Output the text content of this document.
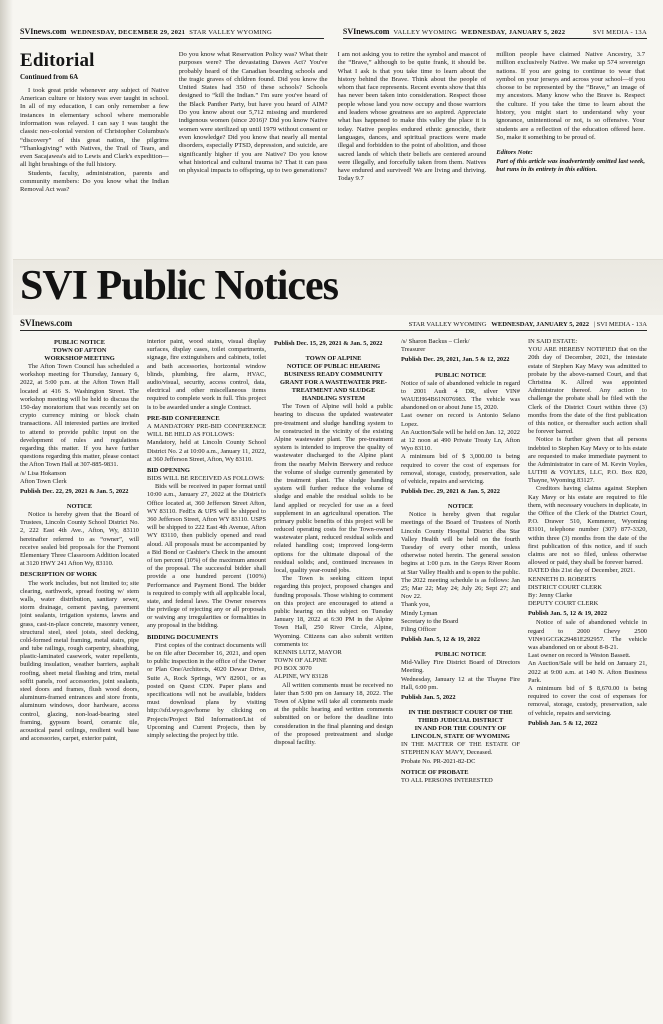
SVInews.com WEDNESDAY, DECEMBER 29, 2021 STAR VALLEY WYOMING	SVInews.com VALLEY WYOMING WEDNESDAY, JANUARY 5, 2022	SVI MEDIA - 13A
Editorial
Continued from 6A
I took great pride whenever any subject of Native American culture or history was ever taught in school. In all of my education, I can only remember a few instances in elementary school where memorable information was relayed. I can say I was taught the classic neo-colonial version of Christopher Columbus's “discovery” of this great nation, the pilgrims “Thanksgiving” with Natives, the Trail of Tears, and even Sacajawea's aid to Lewis and Clark's expedition—all light brushings of the full history.
Students, faculty, administration, parents and community members: Do you know what the Indian Removal Act was?
Do you know what Reservation Policy was? What their purposes were? The devastating Dawes Act? You've probably heard of the Canadian boarding schools and the tragic graves of children found. Did you know the United States had 350 of these schools? Schools designed to “kill the Indian.” I'm sure you've heard of the Black Panther Party, but have you heard of AIM? Do you know about our 5,712 missing and murdered indigenous women (since 2016)? Did you know Native women were sterilized up until 1979 without consent or even knowledge? Did you know that nearly all mental disorders, especially PTSD, depression, and suicide, are significantly higher if you are Native? Do you know what historical and cultural trauma is? That it can pass on physical impacts to offspring, up to two generations?
I am not asking you to retire the symbol and mascot of the “Brave,” although to be quite frank, it should be. What I ask is that you take time to learn about the history behind the Brave. Think about the people of whom that face represents. Recent events show that this has never been taken into consideration. Respect those people whose land you now occupy and those warriors and leaders whose greatness are so aspired. Appreciate what has happened to make this valley the place it is today. Native peoples endured ethnic genocide, their languages, dances, and spiritual practices were made illegal and forbidden to the point of abolition, and those sacred lands of which their beliefs are centered around were illegally, and forcefully taken from them. Natives have endured and survived! We are living and thriving. Today 9.7
million people have claimed Native Ancestry, 3.7 million exclusively Native. We make up 574 sovereign nations. If you are going to continue to wear that symbol on your jerseys and across your school—if you choose to be represented by the “Brave,” an image of my ancestors. Many know who the Brave is. Respect the culture. If you take the time to learn about the history, you might start to understand why your ignorance, unintentional or not, is so offensive. Your students are a reflection of the education offered here. So, make it something to be proud of.
Editors Note:
Part of this article was inadvertently omitted last week, but runs in its entirety in this edition.
SVI Public Notices
SVInews.com	STAR VALLEY WYOMING WEDNESDAY, JANUARY 5, 2022 | SVI MEDIA - 13A
PUBLIC NOTICE
TOWN OF AFTON
WORKSHOP MEETING
The Afton Town Council has scheduled a workshop meeting for Thursday, January 6, 2022, at 5:00 p.m. at the Afton Town Hall located at 416 S. Washington Street. The workshop meeting will be held to discuss the 150-day moratorium that was recently set on crypto currency mining or block chain transactions. All interested parties are invited to attend to provide public input on the development of rules and regulations regarding this matter. If you have further questions regarding this matter, please contact the Afton Town Hall at 307-885-9831.
/s/ Lisa Hokanson
Afton Town Clerk
Publish Dec. 22, 29, 2021 & Jan. 5, 2022
NOTICE
Notice is hereby given that the Board of Trustees, Lincoln County School District No. 2, 222 East 4th Ave., Afton, Wy, 83110 hereinafter referred to as “owner”, will receive sealed bid proposals for the Fremont Elementary Three Classroom Addition located at 3120 HWY 241 Afton Wy, 83110.
DESCRIPTION OF WORK
The work includes, but not limited to; site clearing, earthwork, spread footing w/ stem walls, water distribution, sanitary sewer, storm drainage, cement paving, pavement joint sealants, irrigation systems, lawns and grass, cast-in-place concrete, masonry veneer, structural steel, steel joists, steel decking, cold-formed metal framing, metal stairs, pipe and tube railings, rough carpentry, sheathing, plastic-laminated casework, water repellents, building insulation, weather barriers, asphalt roofing, sheet metal flashing and trim, metal soffit panels, roof accessories, joint sealants, steel doors and frames, flush wood doors, aluminum-framed entrances and store fronts, aluminum windows, door hardware, access control, glazing, non-load-bearing steel framing, gypsum board, ceramic tile, acoustical panel ceilings, resilient wall base and accessories, carpet, exterior paint,
interior paint, wood stains, visual display surfaces, display cases, toilet compartments, signage, fire extinguishers and cabinets, toilet and bath accessories, horizontal window blinds, plumbing, fire alarm, HVAC, audio/visual, security, access control, data, electrical and other miscellaneous items required to complete work in full. This project is to be awarded under a single Contract.
PRE-BID CONFERENCE
A MANDATORY PRE-BID CONFERENCE WILL BE HELD AS FOLLOWS:
Mandatory, held at Lincoln County School District No. 2 at 10:00 a.m., January 11, 2022, at 360 Jefferson Street, Afton, Wy 83110.
BID OPENING
BIDS WILL BE RECEIVED AS FOLLOWS:
Bids will be received in paper format until 10:00 a.m., January 27, 2022 at the District's Office located at, 360 Jefferson Street Afton, WY 83110. FedEx & UPS will be shipped to 360 Jefferson Street, Afton WY 83110. USPS will be shipped to 222 East 4th Avenue, Afton WY 83110, then publicly opened and read aloud. All proposals must be accompanied by a Bid Bond or Cashier's Check in the amount of ten percent (10%) of the maximum amount of the proposal. The successful bidder shall provide a one hundred percent (100%) Performance and Payment Bond. The bidder is required to comply with all applicable local, state, and federal laws. The Owner reserves the privilege of rejecting any or all proposals or waiving any irregularities or formalities in any proposal in the bidding.
BIDDING DOCUMENTS
First copies of the contract documents will be on file after December 16, 2021, and open to public inspection in the office of the Owner or Plan One/Architects, 4020 Dewar Drive, Suite A, Rock Springs, WY 82901, or as posted on Quest CDN. Paper plans and specifications will not be available, bidders must download plans by visiting http://sfd.wyo.gov/home by clicking on Projects/Project Bid Information/List of Upcoming and Current Projects, then by simply selecting the project by title.
Publish Dec. 15, 29, 2021 & Jan. 5, 2022
TOWN OF ALPINE
NOTICE OF PUBLIC HEARING
BUSINESS READY COMMUNITY GRANT FOR A WASTEWATER PRE-TREATMENT AND SLUDGE HANDLING SYSTEM
The Town of Alpine will hold a public hearing to discuss the updated wastewater pre-treatment and sludge handling system to be constructed in the vicinity of the existing Alpine wastewater plant. The pre-treatment system is intended to improve the quality of wastewater discharged to the Alpine plant from the nearby Melvin Brewery and reduce the volume of sludge currently generated by the treatment plant. The sludge handling system will further reduce the volume of sludge and enable the residual solids to be land applied or recycled for use as a feed supplement in an agricultural operation. The primary public benefits of this project will be reduced operating costs for the Town-owned wastewater plant, reduced residual solids and related handling cost; improved long-term options for the ultimate disposal of the residual solids; and, continued increases in local, quality year-round jobs.
The Town is seeking citizen input regarding this project, proposed changes and funding proposals. Those wishing to comment on this project are encouraged to attend a public hearing on this subject on Tuesday January 18, 2022 at 6:30 PM in the Alpine Town Hall, 250 River Circle, Alpine, Wyoming. Citizens can also submit written comments to:
KENNIS LUTZ, MAYOR
TOWN OF ALPINE
PO BOX 3070
ALPINE, WY 83128
All written comments must be received no later than 5:00 pm on January 18, 2022. The Town of Alpine will take all comments made at the public hearing and written comments submitted on or before the deadline into consideration in the final planning and design of the proposed pretreatment and sludge disposal facility.
/s/ Sharon Backus – Clerk/
Treasurer
Publish Dec. 29, 2021, Jan. 5 & 12, 2022
PUBLIC NOTICE
Notice of sale of abandoned vehicle in regard to 2001 Audi 4 DR, silver VIN# WAUEH64B61N076983. The vehicle was abandoned on or about June 15, 2020.
Last owner on record is Antonio Selano Lopez.
An Auction/Sale will be held on Jan. 12, 2022 at 12 noon at 490 Private Treaty Ln, Afton Wyo 83110.
A minimum bid of $ 3,000.00 is being required to cover the cost of expenses for removal, storage, custody, preservation, sale of vehicle, repairs and servicing.
Publish Dec. 29, 2021 & Jan. 5, 2022
NOTICE
Notice is hereby given that regular meetings of the Board of Trustees of North Lincoln County Hospital District dba Star Valley Health will be held on the fourth Tuesday of every other month, unless otherwise noted herein. The general session begins at 1:00 p.m. in the Greys River Room at Star Valley Health and is open to the public. The 2022 meeting schedule is as follows: Jan 25; Mar 22; May 24; July 26; Sept 27; and Nov 22.
Thank you,
Mindy Lyman
Secretary to the Board
Filing Officer
Publish Jan. 5, 12 & 19, 2022
PUBLIC NOTICE
Mid-Valley Fire District Board of Directors Meeting.
Wednesday, January 12 at the Thayne Fire Hall, 6:00 pm.
Publish Jan. 5, 2022
IN THE DISTRICT COURT OF THE THIRD JUDICIAL DISTRICT
IN AND FOR THE COUNTY OF LINCOLN, STATE OF WYOMING
IN THE MATTER OF THE ESTATE OF STEPHEN KAY MAVY, Deceased.
Probate No. PR-2021-82-DC
NOTICE OF PROBATE
TO ALL PERSONS INTERESTED
IN SAID ESTATE:
YOU ARE HEREBY NOTIFIED that on the 20th day of December, 2021, the intestate estate of Stephen Kay Mavy was admitted to probate by the above-named Court, and that Christina K. Allred was appointed Administrator thereof. Any action to challenge the probate shall be filed with the Clerk of the District Court within three (3) months from the date of the first publication of this notice, or thereafter such action shall be forever barred.
Notice is further given that all persons indebted to Stephen Kay Mavy or to his estate are requested to make immediate payment to the Administrator in care of M. Kevin Voyles, LUTHI & VOYLES, LLC, P.O. Box 820, Thayne, Wyoming 83127.
Creditors having claims against Stephen Kay Mavy or his estate are required to file them, with necessary vouchers in duplicate, in the Office of the Clerk of the District Court, P.O. Drawer 510, Kemmerer, Wyoming 83101, telephone number (307) 877-3320, within three (3) months from the date of the first publication of this notice, and if such claims are not so filed, unless otherwise allowed or paid, they shall be forever barred.
DATED this 21st day of December, 2021.
KENNETH D. ROBERTS
DISTRICT COURT CLERK
By: Jenny Clarke
DEPUTY COURT CLERK
Publish Jan. 5, 12 & 19, 2022
Notice of sale of abandoned vehicle in regard to 2000 Chevy 2500 VIN#1GCGK29481E292957. The vehicle was abandoned on or about 8-8-21.
Last owner on record is Weston Bassett.
An Auction/Sale will be held on January 21, 2022 at 9:00 a.m. at 140 N. Afton Business Park.
A minimum bid of $ 8,670.00 is being required to cover the cost of expenses for removal, storage, custody, preservation, sale of vehicle, repairs and servicing.
Publish Jan. 5 & 12, 2022
